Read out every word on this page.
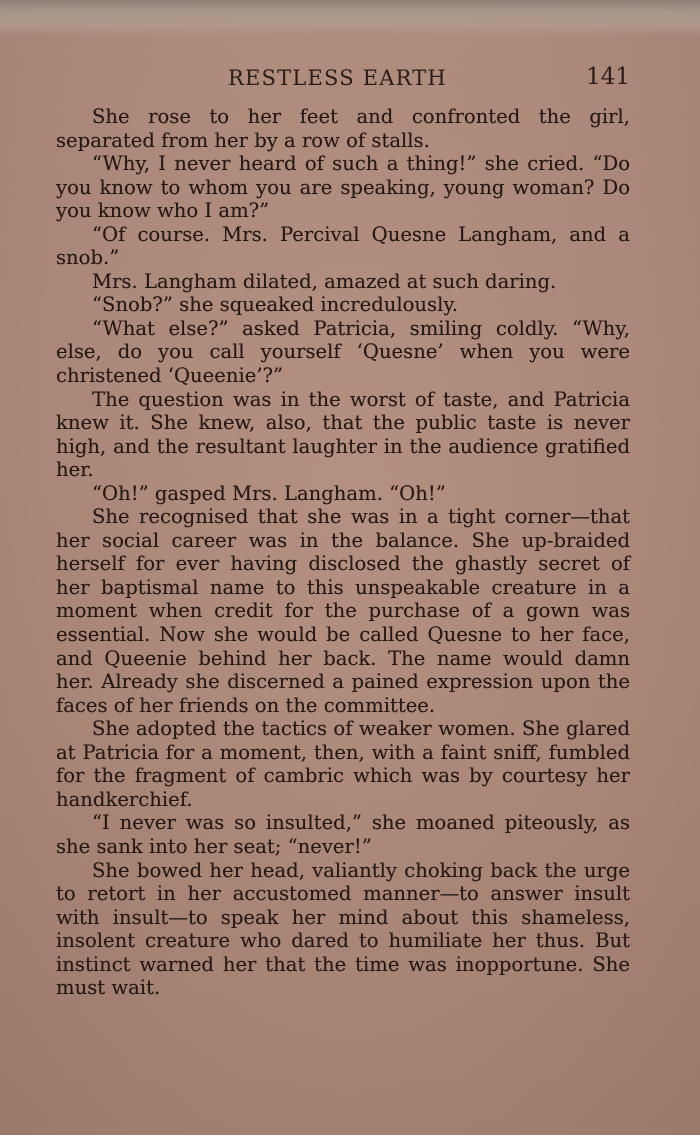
RESTLESS EARTH	141

She rose to her feet and confronted the girl, separated from her by a row of stalls.

“Why, I never heard of such a thing!” she cried. “Do you know to whom you are speaking, young woman? Do you know who I am?”

“Of course. Mrs. Percival Quesne Langham, and a snob.”

Mrs. Langham dilated, amazed at such daring.

“Snob?” she squeaked incredulously.

“What else?” asked Patricia, smiling coldly. “Why, else, do you call yourself ‘Quesne’ when you were christened ‘Queenie’?”

The question was in the worst of taste, and Patricia knew it. She knew, also, that the public taste is never high, and the resultant laughter in the audience gratified her.

“Oh!” gasped Mrs. Langham. “Oh!”

She recognised that she was in a tight corner—that her social career was in the balance. She up-braided herself for ever having disclosed the ghastly secret of her baptismal name to this unspeakable creature in a moment when credit for the purchase of a gown was essential. Now she would be called Quesne to her face, and Queenie behind her back. The name would damn her. Already she discerned a pained expression upon the faces of her friends on the committee.

She adopted the tactics of weaker women. She glared at Patricia for a moment, then, with a faint sniff, fumbled for the fragment of cambric which was by courtesy her handkerchief.

“I never was so insulted,” she moaned piteously, as she sank into her seat; “never!”

She bowed her head, valiantly choking back the urge to retort in her accustomed manner—to answer insult with insult—to speak her mind about this shameless, insolent creature who dared to humiliate her thus. But instinct warned her that the time was inopportune. She must wait.
